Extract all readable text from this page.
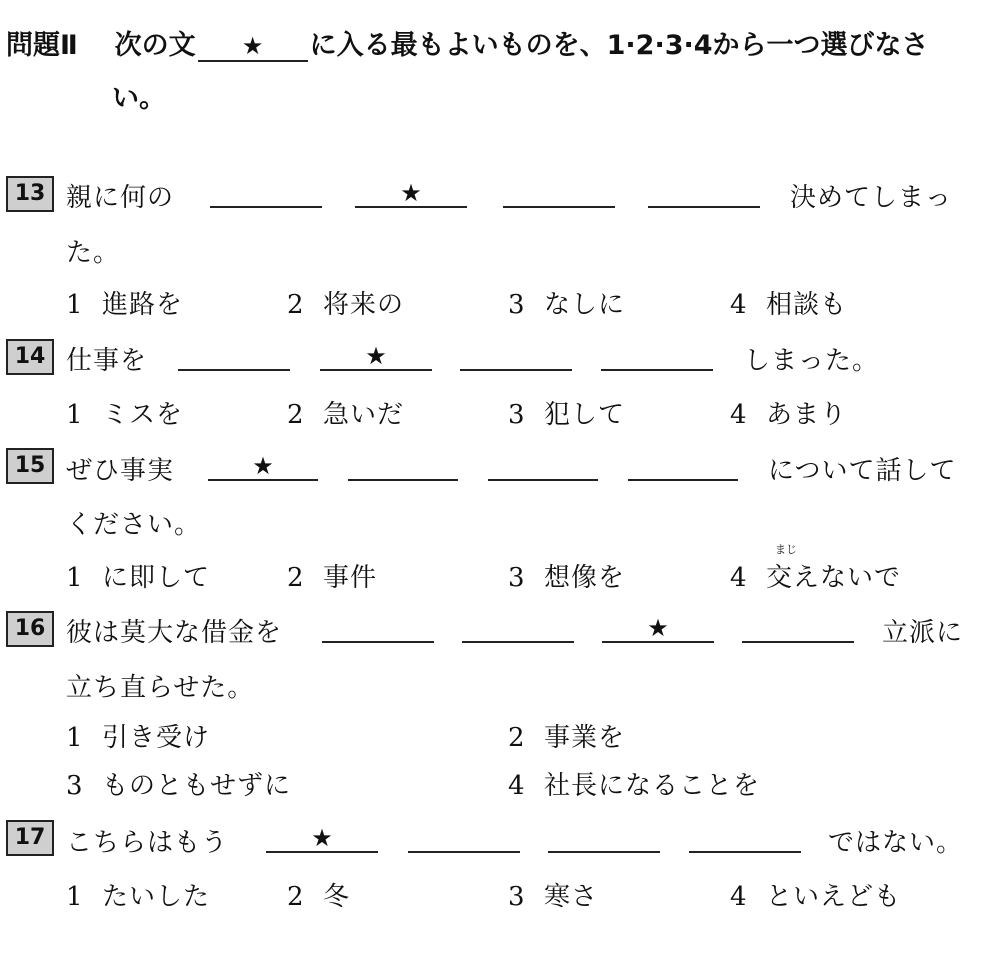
問題Ⅱ 次の文 ★ に入る最もよいものを、1·2·3·4から一つ選びなさ
い。
13 親に何の	★	決めてしまっ
た。
1 進路を	2 将来の	3 なしに	4 相談も
14 仕事を	★	しまった。
1 ミスを	2 急いだ	3 犯して	4 あまり
15 ぜひ事実	★	について話して
ください。
1 に即して	2 事件	3 想像を
まじ
4 交えないで
16 彼は莫大な借金を	★	立派に
立ち直らせた。
1 引き受け	2 事業を
3 ものともせずに	4 社長になることを
17 こちらはもう	★	ではない。
1 たいした	2 冬	3 寒さ	4 といえども
